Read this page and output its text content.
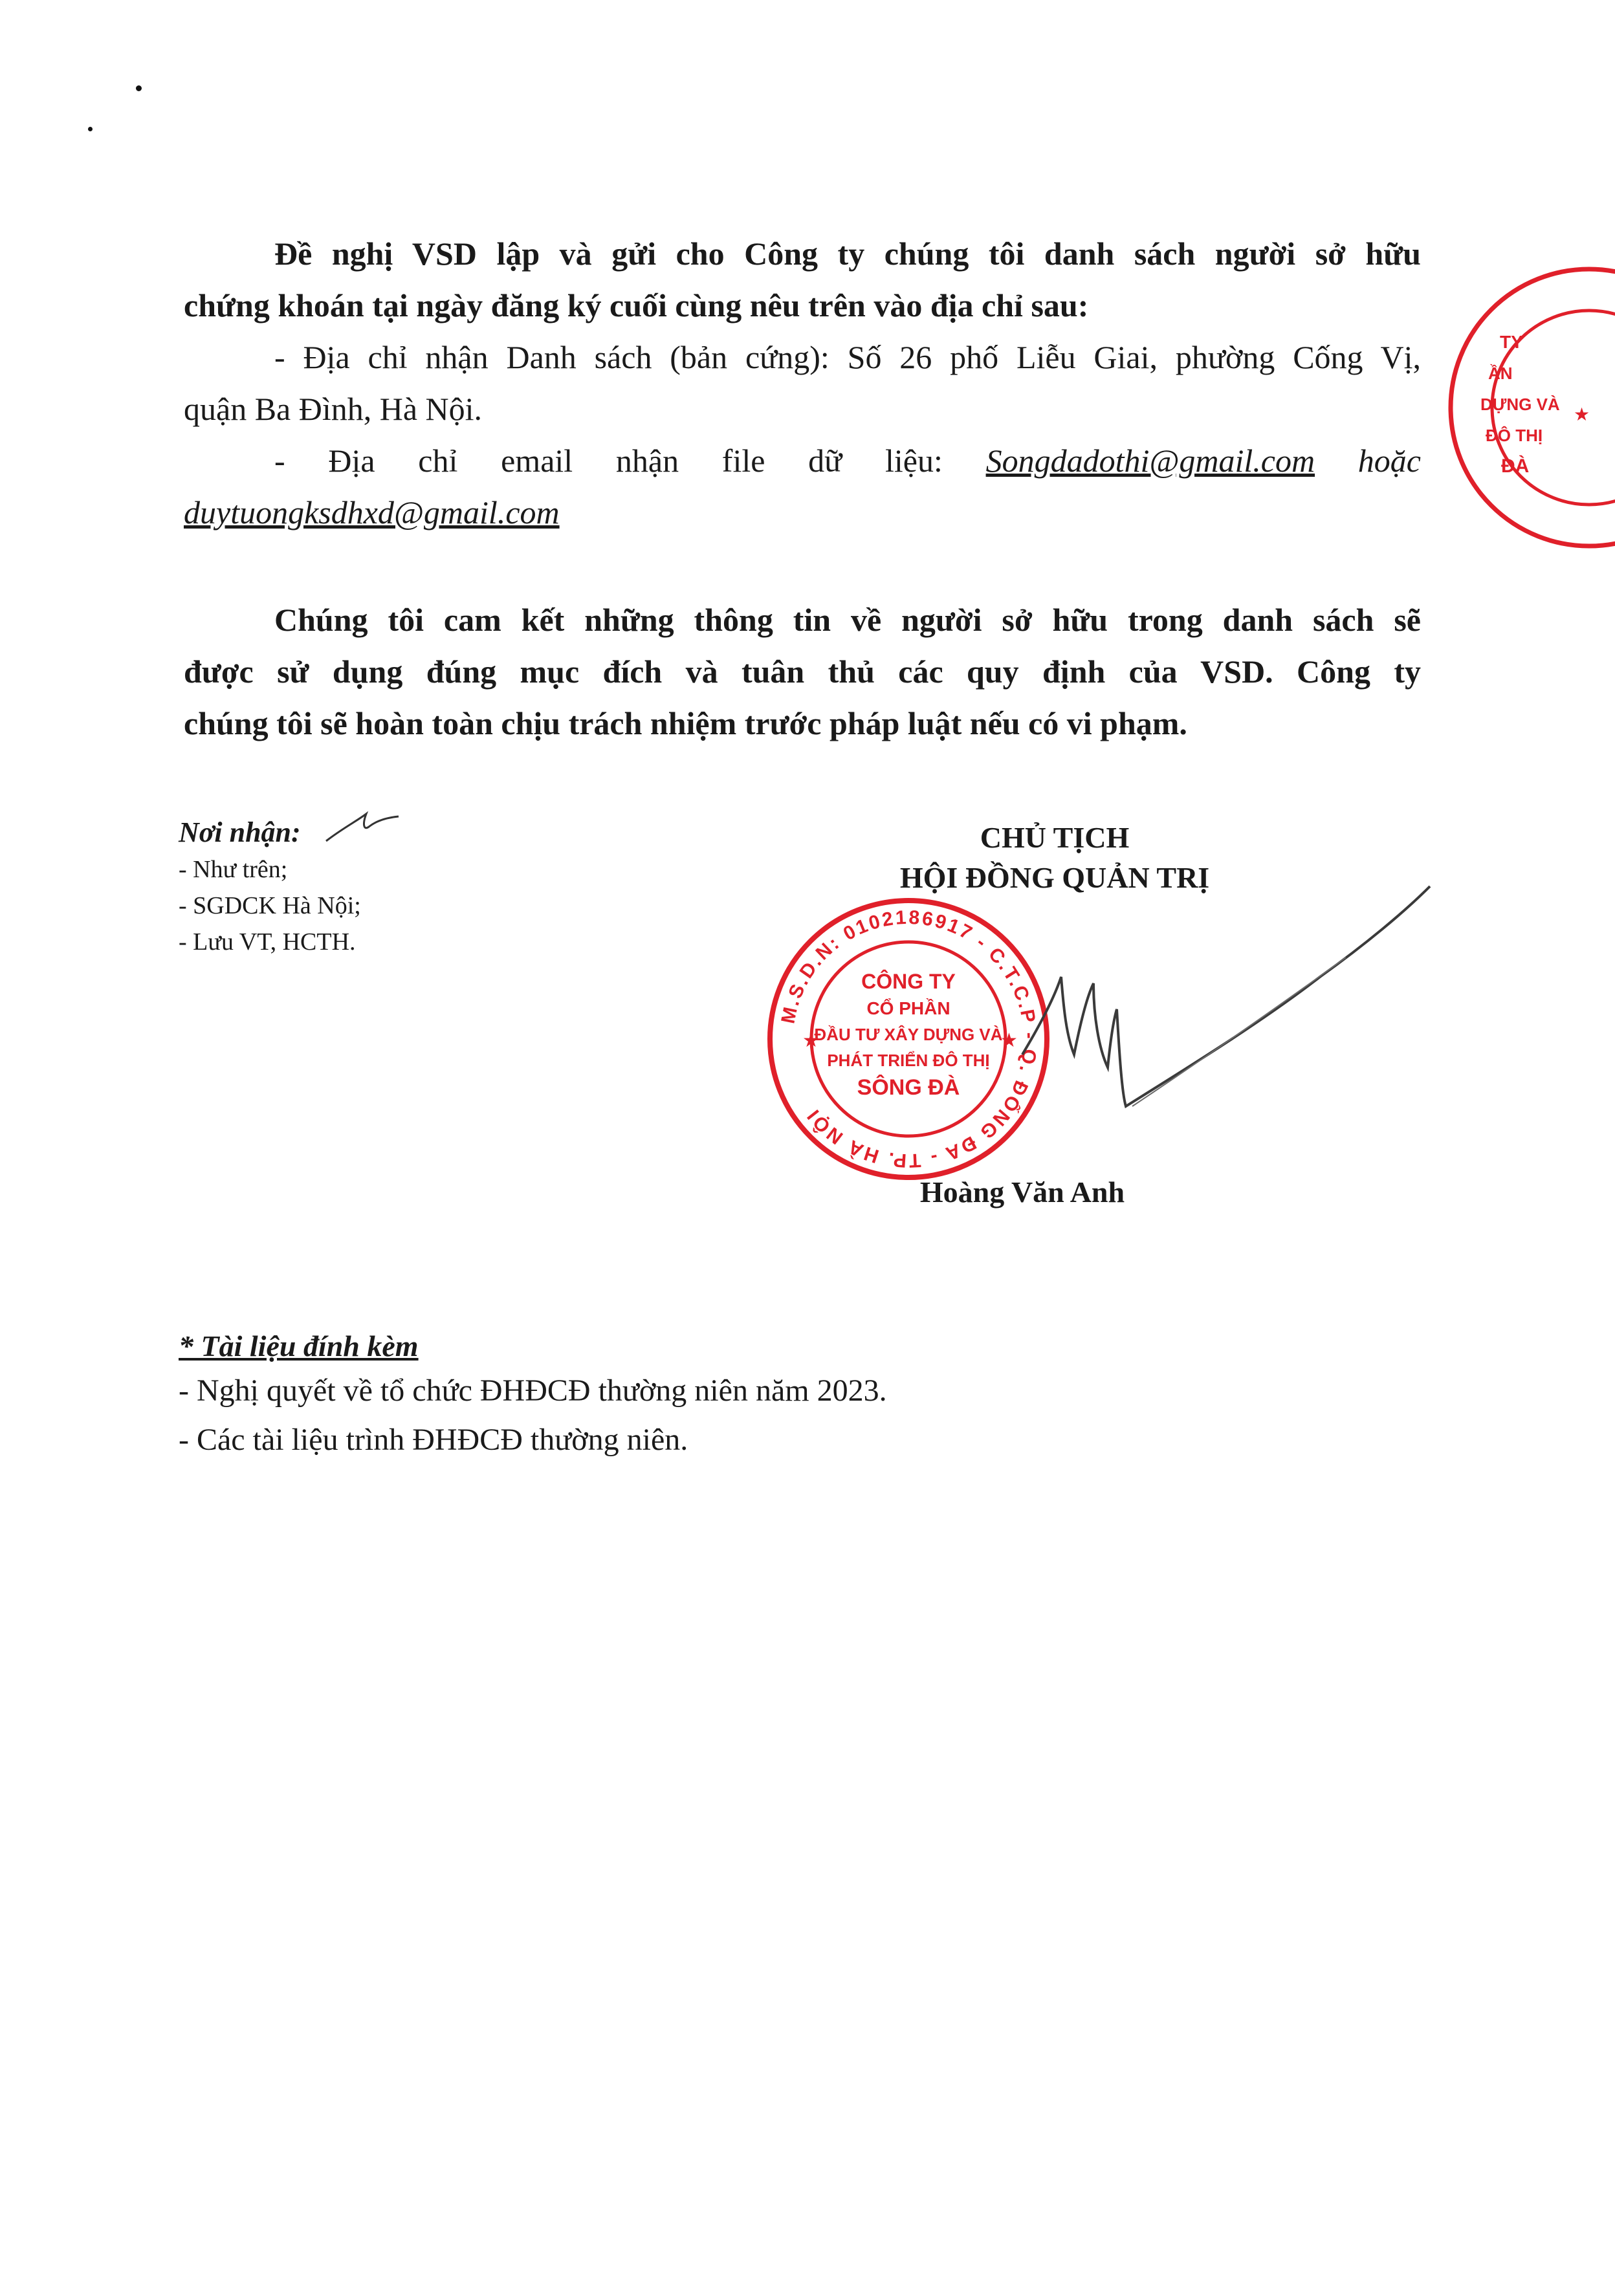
Đề nghị VSD lập và gửi cho Công ty chúng tôi danh sách người sở hữu

chứng khoán tại ngày đăng ký cuối cùng nêu trên vào địa chỉ sau:

- Địa chỉ nhận Danh sách (bản cứng): Số 26 phố Liễu Giai, phường Cống Vị,

quận Ba Đình, Hà Nội.

- Địa chỉ email nhận file dữ liệu: Songdadothi@gmail.com hoặc

duytuongksdhxd@gmail.com

Chúng tôi cam kết những thông tin về người sở hữu trong danh sách sẽ

được sử dụng đúng mục đích và tuân thủ các quy định của VSD. Công ty

chúng tôi sẽ hoàn toàn chịu trách nhiệm trước pháp luật nếu có vi phạm.

Nơi nhận:
- Như trên;
- SGDCK Hà Nội;
- Lưu VT, HCTH.
CHỦ TỊCH
HỘI ĐỒNG QUẢN TRỊ
M.S.D.N: 0102186917 - C.T.C.P - Q. ĐỐNG ĐA - TP. HÀ NỘI
★	★
CÔNG TY
CỔ PHẦN
ĐẦU TƯ XÂY DỰNG VÀ
PHÁT TRIỂN ĐÔ THỊ
SÔNG ĐÀ
Hoàng Văn Anh
TY
ẦN
DỰNG VÀ
ĐÔ THỊ
ĐÀ
★
* Tài liệu đính kèm
- Nghị quyết về tổ chức ĐHĐCĐ thường niên năm 2023.
- Các tài liệu trình ĐHĐCĐ thường niên.
